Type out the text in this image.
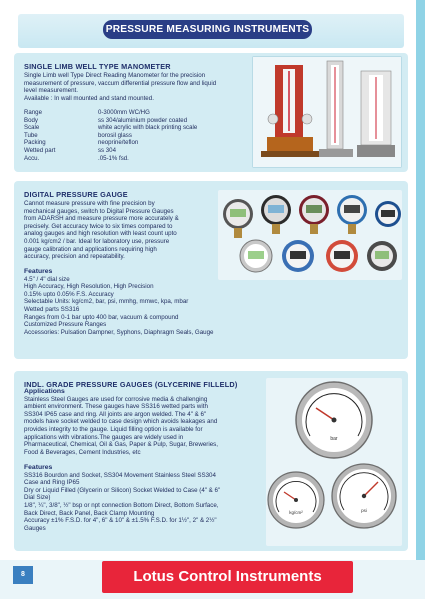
PRESSURE MEASURING INSTRUMENTS
SINGLE LIMB WELL TYPE MANOMETER
Single Limb well Type Direct Reading Manometer for the precision
measurement of pressure, vaccum differential pressure flow and liquid
level measurement.
Available : In wall mounted and stand mounted.
Range	0-3000mm WC/HG
Body	ss 304/aluminium powder coated
Scale	white acrylic with black printing scale
Tube	borosil glass
Packing	neoprine/teflon
Wetted part	ss 304
Accu.	.05-1% fsd.
DIGITAL PRESSURE GAUGE
Cannot measure pressure with fine precision by
mechanical gauges, switch to Digital Pressure Gauges
from ADARSH and measure pressure more accurately &
precisely. Get accuracy twice to six times compared to
analog gauges and high resolution with least count upto
0.001 kg/cm2 / bar. Ideal for laboratory use, pressure
gauge calibration and applications requiring high
accuracy, precision and repeatability.
Features
4.5" / 4" dial size
High Accuracy, High Resolution, High Precision
0.15% upto 0.05% F.S. Accuracy
Selectable Units: kg/cm2, bar, psi, mmhg, mmwc, kpa, mbar
Wetted parts SS316
Ranges from 0-1 bar upto 400 bar, vacuum & compound
Customized Pressure Ranges
Accessories: Pulsation Dampner, Syphons, Diaphragm Seals, Gauge
INDL. GRADE PRESSURE GAUGES (GLYCERINE FILLELD)
Applications
Stainless Steel Gauges are used for corrosive media & challenging
ambient environment. These gauges have SS316 wetted parts with
SS304 IP65 case and ring. All joints are argon welded. The 4" & 6"
models have socket welded to case design which avoids leakages and
provides integrity to the gauge. Liquid filling option is available for
applications with vibrations.The gauges are widely used in
Pharmaceutical, Chemical, Oil & Gas, Paper & Pulp, Sugar, Breweries,
Food & Beverages, Cement Industries, etc
Features
SS316 Bourdon and Socket, SS304 Movement Stainless Steel SS304
Case and Ring IP65
Dry or Liquid Filled (Glycerin or Silicon) Socket Welded to Case (4" & 6"
Dial Size)
1/8", ¼", 3/8", ½" bsp or npt connection Bottom Direct, Bottom Surface,
Back Direct, Back Panel, Back Clamp Mounting
Accuracy ±1% F.S.D. for 4", 6" & 10" & ±1.5% F.S.D. for 1½", 2" & 2½"
Gauges
bar
kg/cm²	psi
8	Lotus Control Instruments
